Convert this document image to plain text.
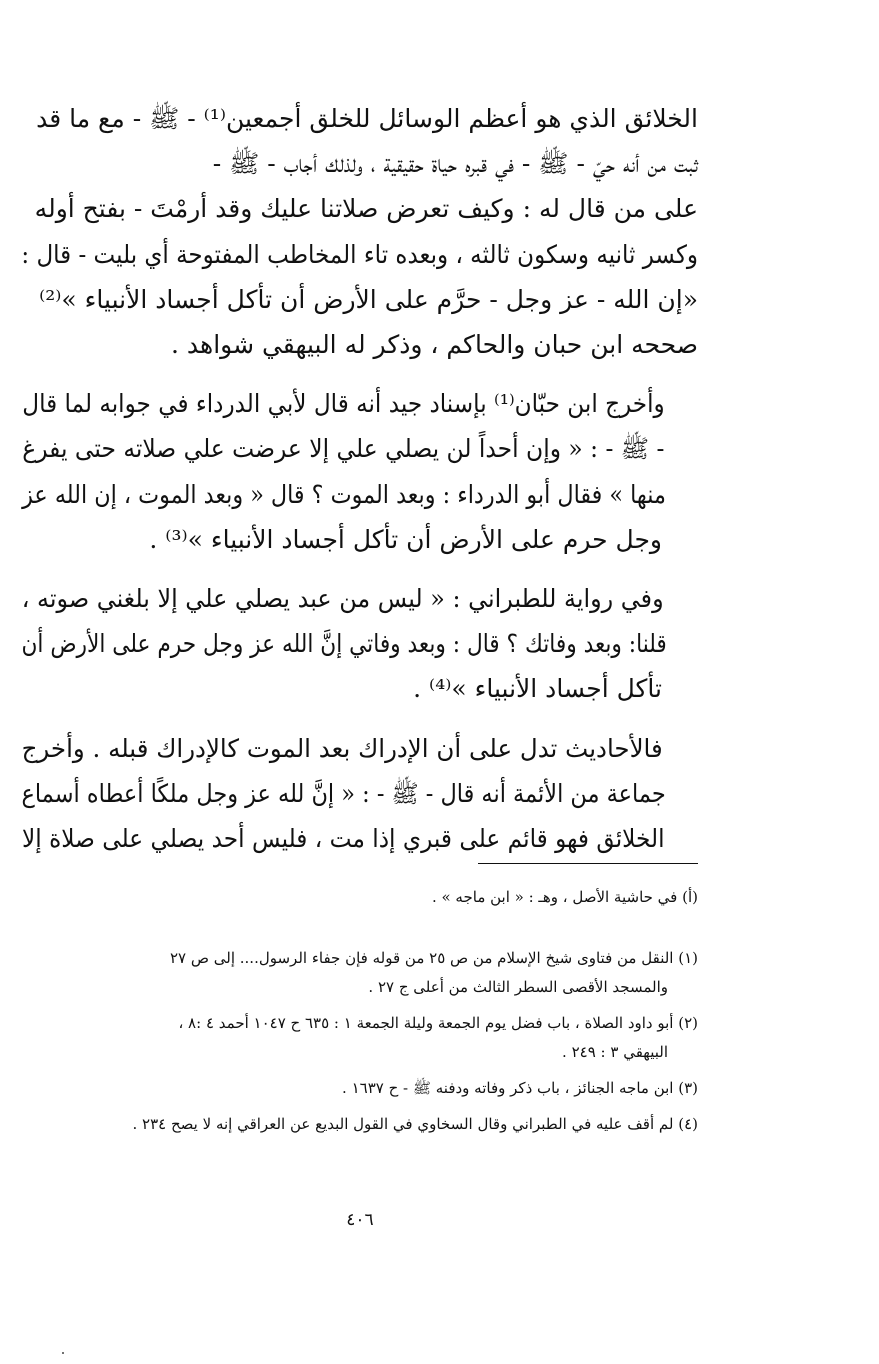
الخلائق الذي هو أعظم الوسائل للخلق أجمعين⁽¹⁾ - ﷺ - مع ما قد
ثبت من أنه حيّ - ﷺ - في قبره حياة حقيقية ، ولذلك أجاب - ﷺ -
على من قال له : وكيف تعرض صلاتنا عليك وقد أرمْتَ - بفتح أوله
وكسر ثانيه وسكون ثالثه ، وبعده تاء المخاطب المفتوحة أي بليت - قال :
«إن الله - عز وجل - حرَّم على الأرض أن تأكل أجساد الأنبياء »⁽²⁾
صححه ابن حبان والحاكم ، وذكر له البيهقي شواهد .
وأخرج ابن حبّان⁽¹⁾ بإسناد جيد أنه قال لأبي الدرداء في جوابه لما قال
- ﷺ - : « وإن أحداً لن يصلي علي إلا عرضت علي صلاته حتى يفرغ
منها » فقال أبو الدرداء : وبعد الموت ؟ قال « وبعد الموت ، إن الله عز
وجل حرم على الأرض أن تأكل أجساد الأنبياء »⁽³⁾ .
وفي رواية للطبراني : « ليس من عبد يصلي علي إلا بلغني صوته ،
قلنا: وبعد وفاتك ؟ قال : وبعد وفاتي إنَّ الله عز وجل حرم على الأرض أن
تأكل أجساد الأنبياء »⁽⁴⁾ .
فالأحاديث تدل على أن الإدراك بعد الموت كالإدراك قبله . وأخرج
جماعة من الأئمة أنه قال - ﷺ - : « إنَّ لله عز وجل ملكًا أعطاه أسماع
الخلائق فهو قائم على قبري إذا مت ، فليس أحد يصلي على صلاة إلا
(أ) في حاشية الأصل ، وهـ : « ابن ماجه » .
(١) النقل من فتاوى شيخ الإسلام من ص ٢٥ من قوله فإن جفاء الرسول.... إلى ص ٢٧
والمسجد الأقصى السطر الثالث من أعلى ج ٢٧ .
(٢) أبو داود الصلاة ، باب فضل يوم الجمعة وليلة الجمعة ١ : ٦٣٥ ح ١٠٤٧ أحمد ٤ :٨ ،
البيهقي ٣ : ٢٤٩ .
(٣) ابن ماجه الجنائز ، باب ذكر وفاته ودفنه ﷺ - ح ١٦٣٧ .
(٤) لم أقف عليه في الطبراني وقال السخاوي في القول البديع عن العراقي إنه لا يصح ٢٣٤ .
٤٠٦
